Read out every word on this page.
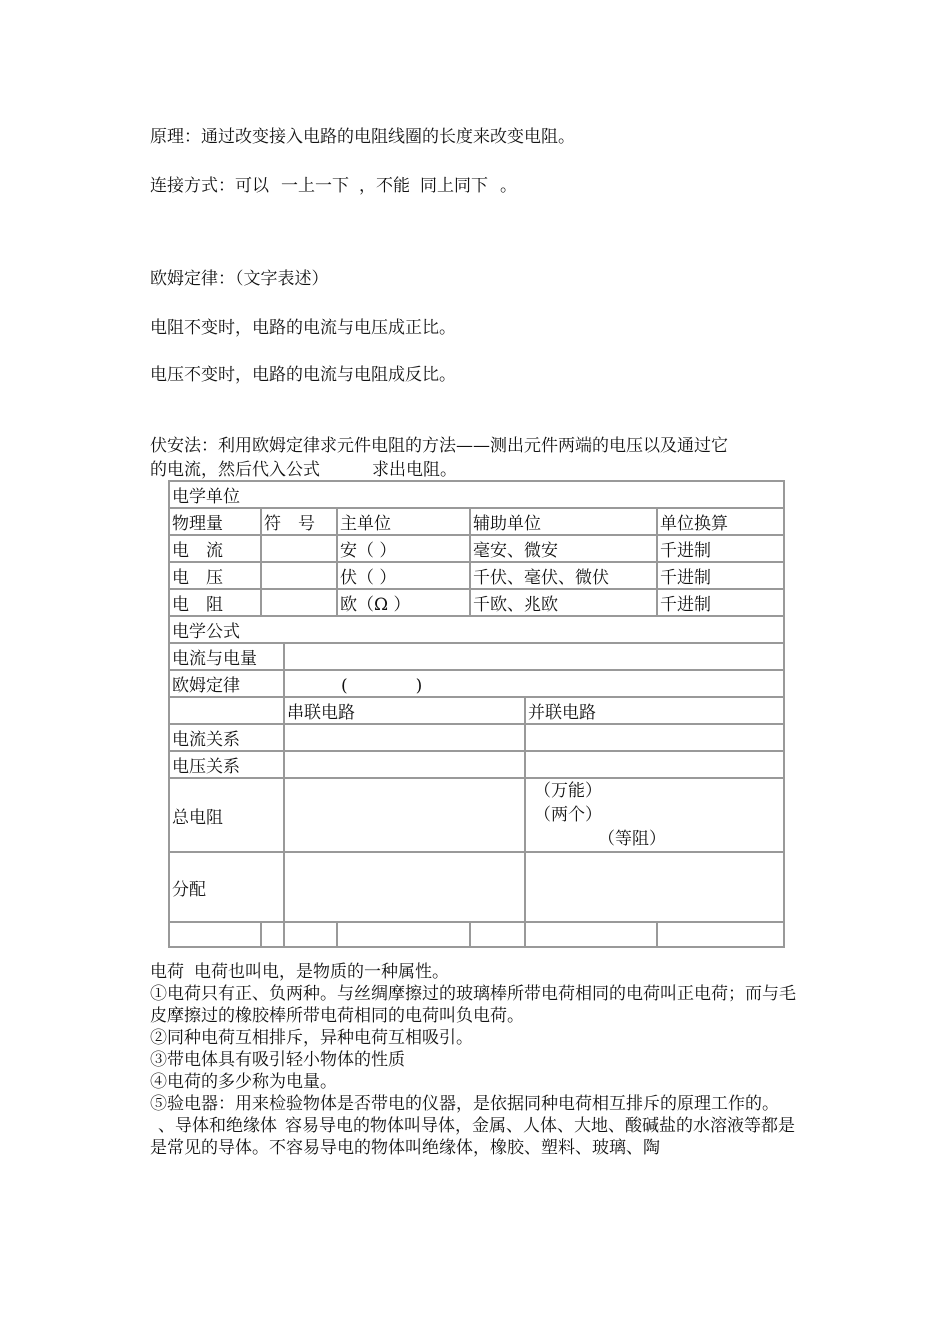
原理：通过改变接入电路的电阻线圈的长度来改变电阻。
连接方式：可以 一上一下 ，不能 同上同下 。
欧姆定律：（文字表述）
电阻不变时，电路的电流与电压成正比。
电压不变时，电路的电流与电阻成反比。
伏安法：利用欧姆定律求元件电阻的方法——测出元件两端的电压以及通过它
的电流，然后代入公式	求出电阻。
电学单位						
物理量	符　号		主单位	辅助单位		单位换算
电　流			安（ ）	毫安、微安		千进制
电　压			伏（ ）	千伏、毫伏、微伏		千进制
电　阻			欧（Ω ）	千欧、兆欧		千进制
电学公式						
电流与电量						
欧姆定律		(　　　　)				
		串联电路			并联电路	
电流关系						
电压关系						
总电阻					（万能）
（两个）
（等阻）	

分配						

电荷 电荷也叫电，是物质的一种属性。
①电荷只有正、负两种。与丝绸摩擦过的玻璃棒所带电荷相同的电荷叫正电荷；而与毛皮摩擦过的橡胶棒所带电荷相同的电荷叫负电荷。
②同种电荷互相排斥，异种电荷互相吸引。
③带电体具有吸引轻小物体的性质
④电荷的多少称为电量。
⑤验电器：用来检验物体是否带电的仪器，是依据同种电荷相互排斥的原理工作的。
、导体和绝缘体 容易导电的物体叫导体，金属、人体、大地、酸碱盐的水溶液等都是是常见的导体。不容易导电的物体叫绝缘体，橡胶、塑料、玻璃、陶
